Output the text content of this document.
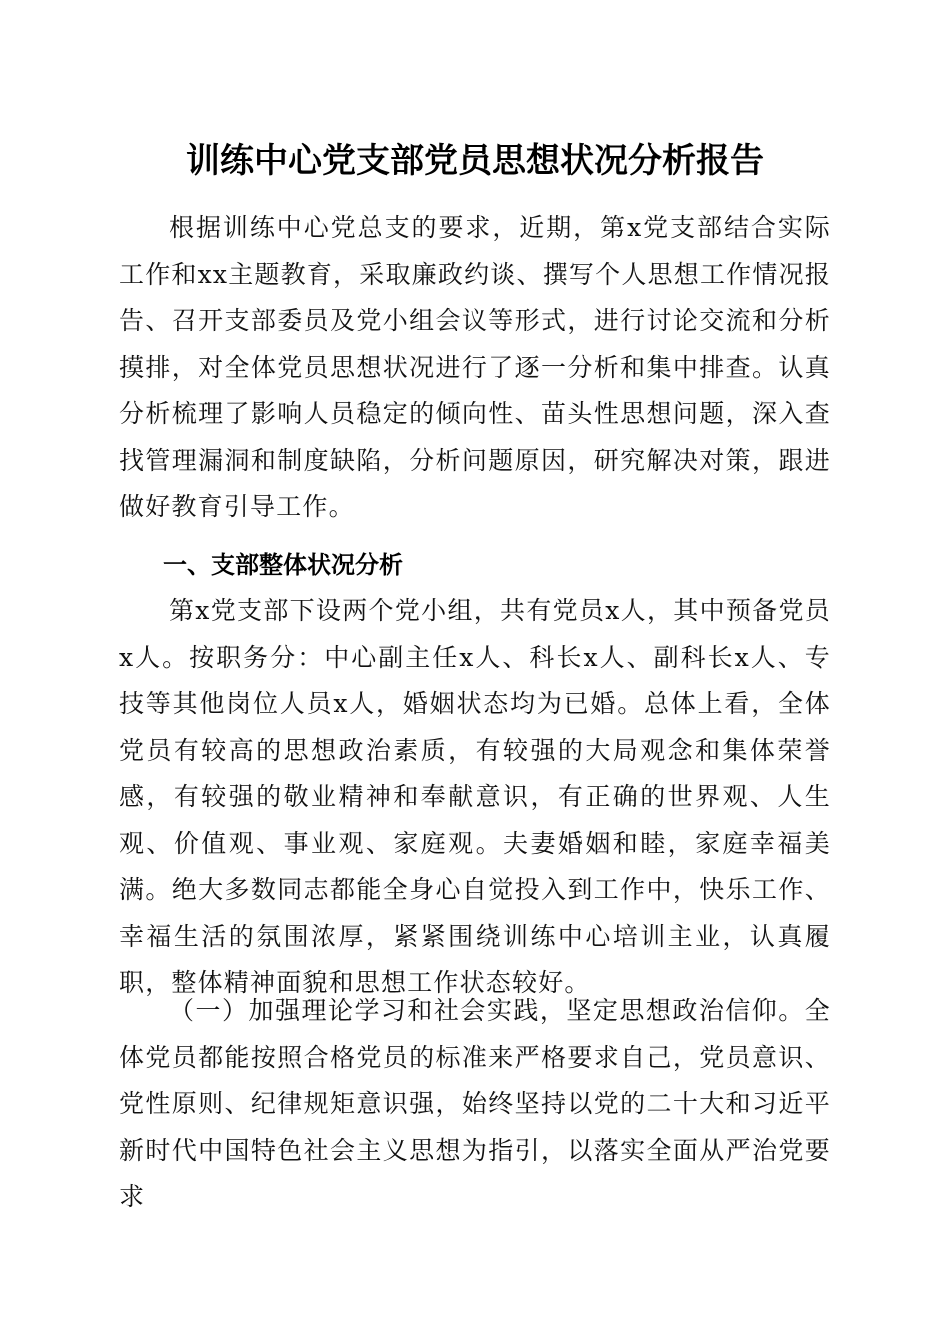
训练中心党支部党员思想状况分析报告

根据训练中心党总支的要求，近期，第x党支部结合实际工作和xx主题教育，采取廉政约谈、撰写个人思想工作情况报告、召开支部委员及党小组会议等形式，进行讨论交流和分析摸排，对全体党员思想状况进行了逐一分析和集中排查。认真分析梳理了影响人员稳定的倾向性、苗头性思想问题，深入查找管理漏洞和制度缺陷，分析问题原因，研究解决对策，跟进做好教育引导工作。

一、支部整体状况分析

第x党支部下设两个党小组，共有党员x人，其中预备党员x人。按职务分：中心副主任x人、科长x人、副科长x人、专技等其他岗位人员x人，婚姻状态均为已婚。总体上看，全体党员有较高的思想政治素质，有较强的大局观念和集体荣誉感，有较强的敬业精神和奉献意识，有正确的世界观、人生观、价值观、事业观、家庭观。夫妻婚姻和睦，家庭幸福美满。绝大多数同志都能全身心自觉投入到工作中，快乐工作、幸福生活的氛围浓厚，紧紧围绕训练中心培训主业，认真履职，整体精神面貌和思想工作状态较好。

（一）加强理论学习和社会实践，坚定思想政治信仰。全体党员都能按照合格党员的标准来严格要求自己，党员意识、党性原则、纪律规矩意识强，始终坚持以党的二十大和习近平新时代中国特色社会主义思想为指引，以落实全面从严治党要求
